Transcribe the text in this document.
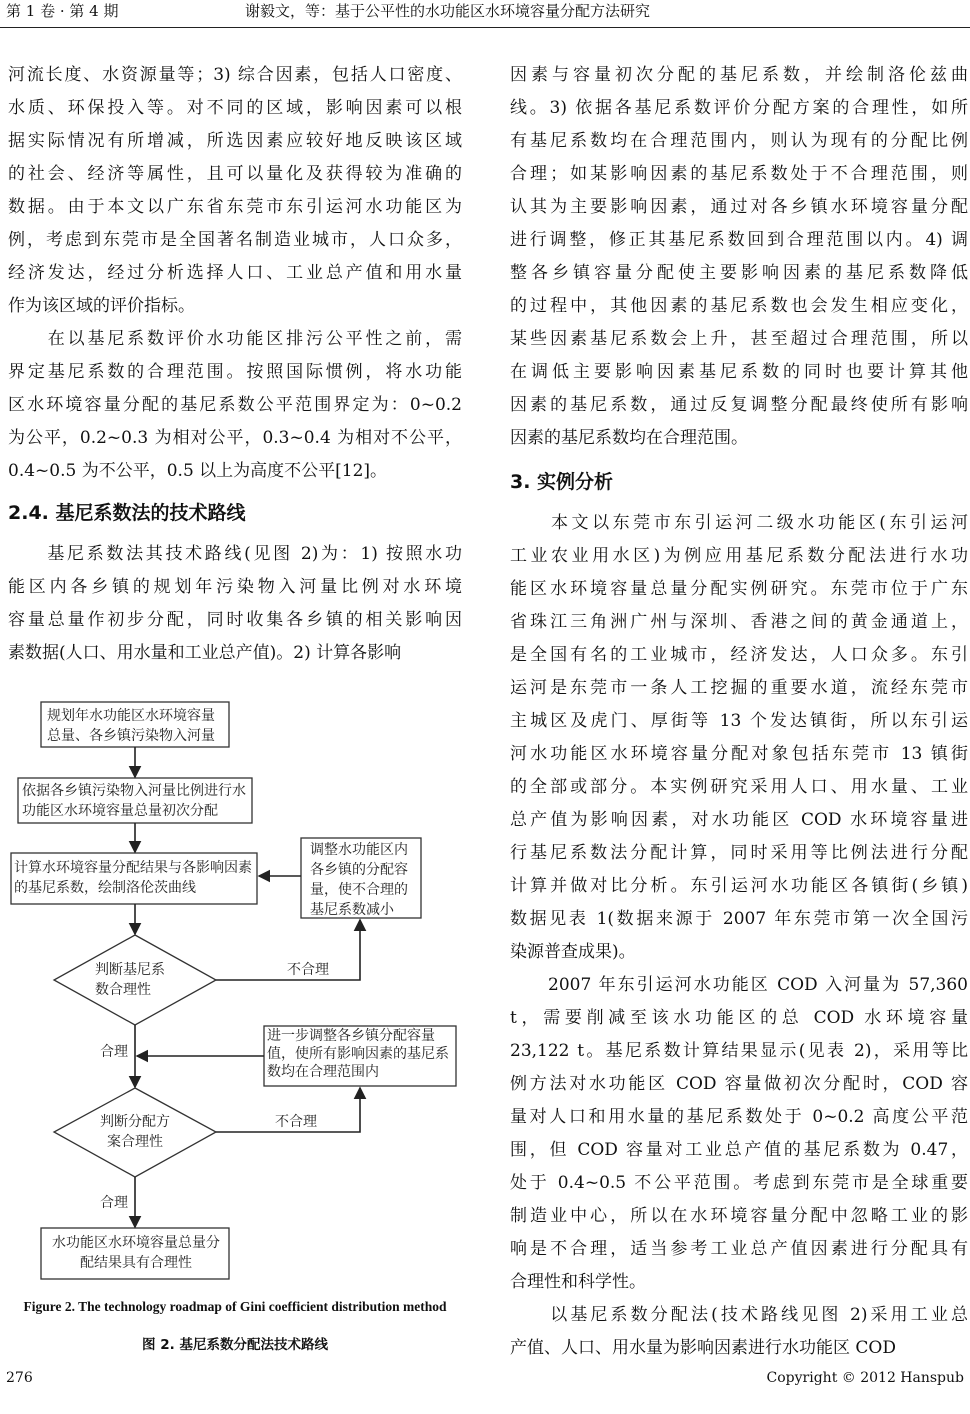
第 1 卷 · 第 4 期	谢毅文，等：基于公平性的水功能区水环境容量分配方法研究
河流长度、水资源量等；3) 综合因素，包括人口密度、
水质、环保投入等。对不同的区域，影响因素可以根
据实际情况有所增减，所选因素应较好地反映该区域
的社会、经济等属性，且可以量化及获得较为准确的
数据。由于本文以广东省东莞市东引运河水功能区为
例，考虑到东莞市是全国著名制造业城市，人口众多，
经济发达，经过分析选择人口、工业总产值和用水量
作为该区域的评价指标。
　　在以基尼系数评价水功能区排污公平性之前，需
界定基尼系数的合理范围。按照国际惯例，将水功能
区水环境容量分配的基尼系数公平范围界定为：0~0.2
为公平，0.2~0.3 为相对公平，0.3~0.4 为相对不公平，
0.4~0.5 为不公平，0.5 以上为高度不公平[12]。
2.4. 基尼系数法的技术路线
　　基尼系数法其技术路线(见图 2)为：1) 按照水功
能区内各乡镇的规划年污染物入河量比例对水环境
容量总量作初步分配，同时收集各乡镇的相关影响因
素数据(人口、用水量和工业总产值)。2) 计算各影响
规划年水功能区水环境容量总量、各乡镇污染物入河量
依据各乡镇污染物入河量比例进行水功能区水环境容量总量初次分配
计算水环境容量分配结果与各影响因素的基尼系数，绘制洛伦茨曲线
调整水功能区内各乡镇的分配容量，使不合理的基尼系数减小
判断基尼系数合理性
不合理
进一步调整各乡镇分配容量值，使所有影响因素的基尼系数均在合理范围内
合理
判断分配方案合理性
不合理
合理
水功能区水环境容量总量分配结果具有合理性
Figure 2. The technology roadmap of Gini coefficient distribution method
图 2. 基尼系数分配法技术路线
因素与容量初次分配的基尼系数，并绘制洛伦兹曲
线。3) 依据各基尼系数评价分配方案的合理性，如所
有基尼系数均在合理范围内，则认为现有的分配比例
合理；如某影响因素的基尼系数处于不合理范围，则
认其为主要影响因素，通过对各乡镇水环境容量分配
进行调整，修正其基尼系数回到合理范围以内。4) 调
整各乡镇容量分配使主要影响因素的基尼系数降低
的过程中，其他因素的基尼系数也会发生相应变化，
某些因素基尼系数会上升，甚至超过合理范围，所以
在调低主要影响因素基尼系数的同时也要计算其他
因素的基尼系数，通过反复调整分配最终使所有影响
因素的基尼系数均在合理范围。
3. 实例分析
　　本文以东莞市东引运河二级水功能区(东引运河
工业农业用水区)为例应用基尼系数分配法进行水功
能区水环境容量总量分配实例研究。东莞市位于广东
省珠江三角洲广州与深圳、香港之间的黄金通道上，
是全国有名的工业城市，经济发达，人口众多。东引
运河是东莞市一条人工挖掘的重要水道，流经东莞市
主城区及虎门、厚街等 13 个发达镇街，所以东引运
河水功能区水环境容量分配对象包括东莞市 13 镇街
的全部或部分。本实例研究采用人口、用水量、工业
总产值为影响因素，对水功能区 COD 水环境容量进
行基尼系数法分配计算，同时采用等比例法进行分配
计算并做对比分析。东引运河水功能区各镇街(乡镇)
数据见表 1(数据来源于 2007 年东莞市第一次全国污
染源普查成果)。
　　2007 年东引运河水功能区 COD 入河量为 57,360
t，需要削减至该水功能区的总 COD 水环境容量
23,122 t。基尼系数计算结果显示(见表 2)，采用等比
例方法对水功能区 COD 容量做初次分配时，COD 容
量对人口和用水量的基尼系数处于 0~0.2 高度公平范
围，但 COD 容量对工业总产值的基尼系数为 0.47，
处于 0.4~0.5 不公平范围。考虑到东莞市是全球重要
制造业中心，所以在水环境容量分配中忽略工业的影
响是不合理，适当参考工业总产值因素进行分配具有
合理性和科学性。
　　以基尼系数分配法(技术路线见图 2)采用工业总
产值、人口、用水量为影响因素进行水功能区 COD
276	Copyright © 2012 Hanspub
